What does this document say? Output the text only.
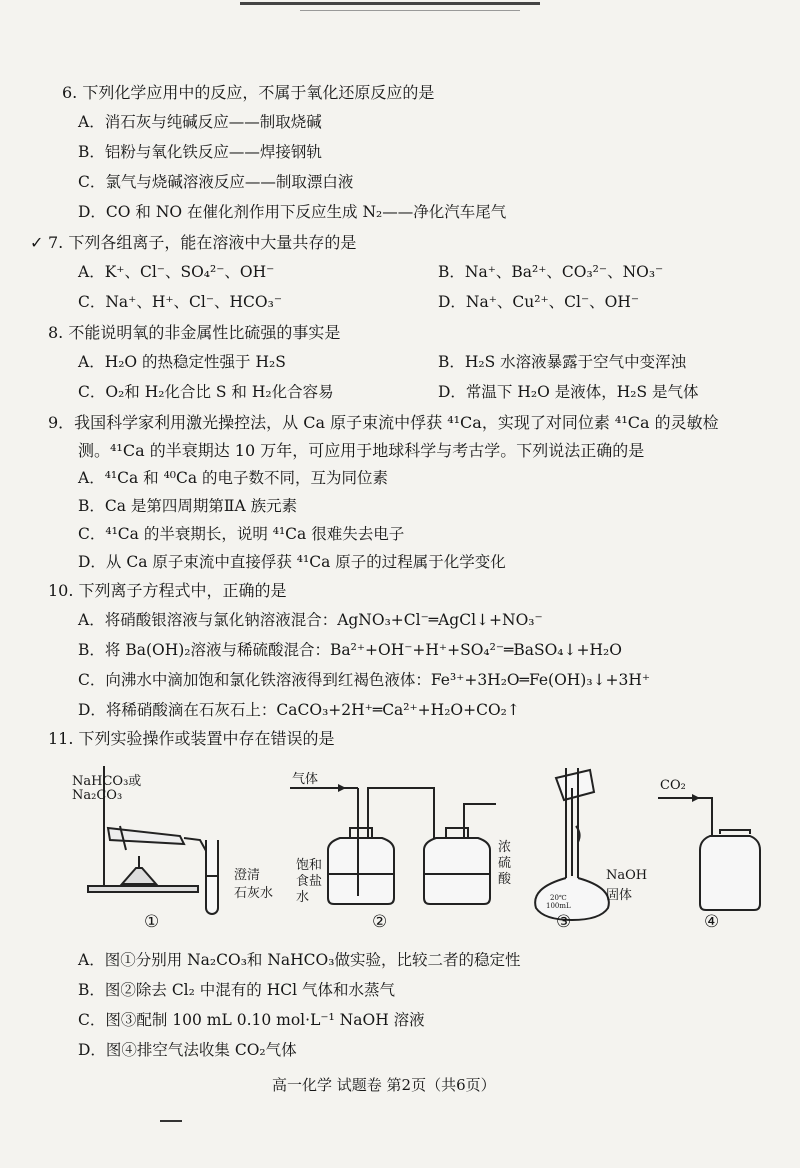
6. 下列化学应用中的反应，不属于氧化还原反应的是
A．消石灰与纯碱反应——制取烧碱
B．铝粉与氧化铁反应——焊接钢轨
C．氯气与烧碱溶液反应——制取漂白液
D．CO 和 NO 在催化剂作用下反应生成 N₂——净化汽车尾气
✓ 7. 下列各组离子，能在溶液中大量共存的是
A．K⁺、Cl⁻、SO₄²⁻、OH⁻	B．Na⁺、Ba²⁺、CO₃²⁻、NO₃⁻
C．Na⁺、H⁺、Cl⁻、HCO₃⁻	D．Na⁺、Cu²⁺、Cl⁻、OH⁻
8. 不能说明氧的非金属性比硫强的事实是
A．H₂O 的热稳定性强于 H₂S	B．H₂S 水溶液暴露于空气中变浑浊
C．O₂和 H₂化合比 S 和 H₂化合容易	D．常温下 H₂O 是液体，H₂S 是气体
9．我国科学家利用激光操控法，从 Ca 原子束流中俘获 ⁴¹Ca，实现了对同位素 ⁴¹Ca 的灵敏检
测。⁴¹Ca 的半衰期达 10 万年，可应用于地球科学与考古学。下列说法正确的是
A．⁴¹Ca 和 ⁴⁰Ca 的电子数不同，互为同位素
B．Ca 是第四周期第ⅡA 族元素
C．⁴¹Ca 的半衰期长，说明 ⁴¹Ca 很难失去电子
D．从 Ca 原子束流中直接俘获 ⁴¹Ca 原子的过程属于化学变化
10. 下列离子方程式中，正确的是
A．将硝酸银溶液与氯化钠溶液混合：AgNO₃+Cl⁻═AgCl↓+NO₃⁻
B．将 Ba(OH)₂溶液与稀硫酸混合：Ba²⁺+OH⁻+H⁺+SO₄²⁻═BaSO₄↓+H₂O
C．向沸水中滴加饱和氯化铁溶液得到红褐色液体：Fe³⁺+3H₂O═Fe(OH)₃↓+3H⁺
D．将稀硝酸滴在石灰石上：CaCO₃+2H⁺═Ca²⁺+H₂O+CO₂↑
11. 下列实验操作或装置中存在错误的是
NaHCO₃或
Na₂CO₃
澄清
石灰水
气体
饱和
食盐
水
浓
硫
酸
20℃
100mL
NaOH
固体
CO₂
①	②	③	④
A．图①分别用 Na₂CO₃和 NaHCO₃做实验，比较二者的稳定性
B．图②除去 Cl₂ 中混有的 HCl 气体和水蒸气
C．图③配制 100 mL 0.10 mol·L⁻¹ NaOH 溶液
D．图④排空气法收集 CO₂气体
高一化学 试题卷 第2页（共6页）
